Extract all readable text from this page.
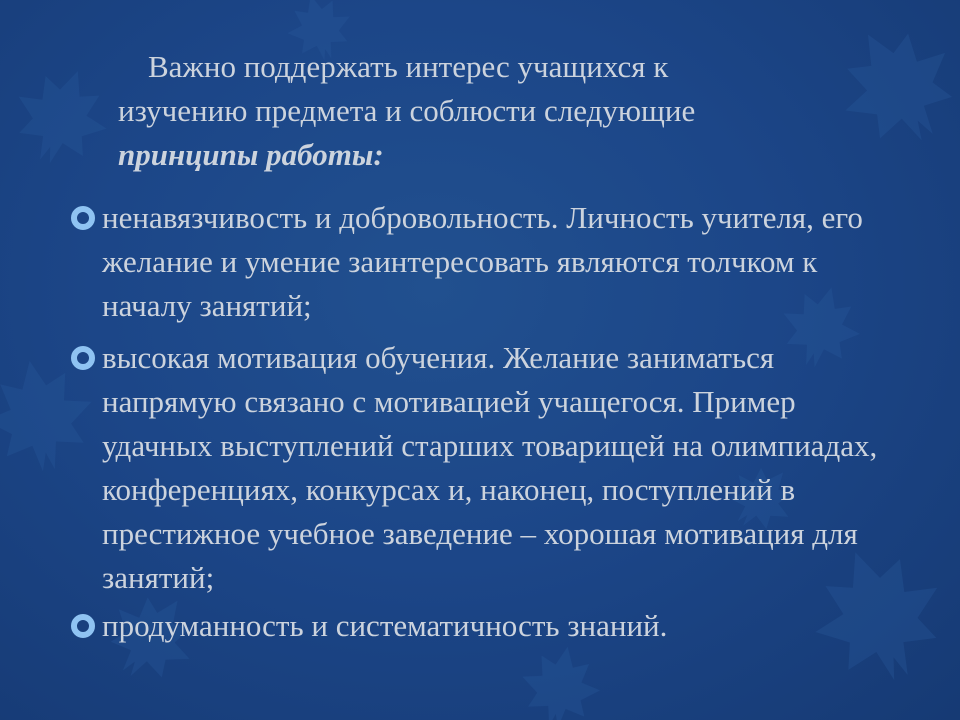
Важно поддержать интерес учащихся к
изучению предмета и соблюсти следующие
принципы работы:
ненавязчивость и добровольность. Личность учителя, его желание и умение заинтересовать являются толчком к началу занятий;
высокая мотивация обучения. Желание заниматься напрямую связано с мотивацией учащегося. Пример удачных выступлений старших товарищей на олимпиадах, конференциях, конкурсах и, наконец, поступлений в престижное учебное заведение – хорошая мотивация для занятий;
продуманность и систематичность знаний.
